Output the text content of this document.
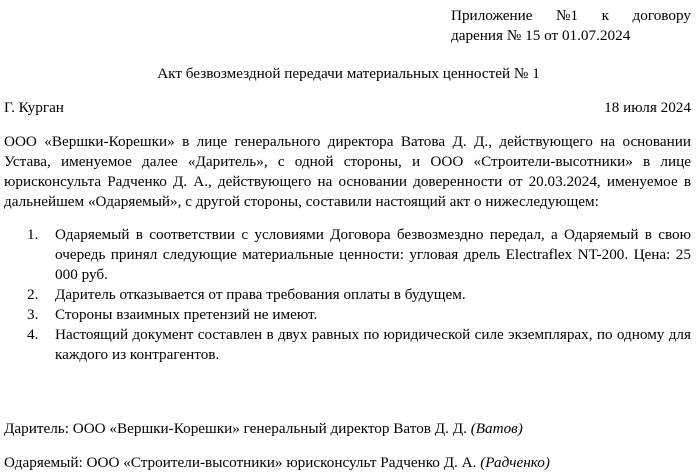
Приложение №1 к договору
дарения № 15 от 01.07.2024
Акт безвозмездной передачи материальных ценностей № 1
Г. Курган	18 июля 2024
ООО «Вершки-Корешки» в лице генерального директора Ватова Д. Д., действующего на основании Устава, именуемое далее «Даритель», с одной стороны, и ООО «Строители-высотники» в лице юрисконсульта Радченко Д. А., действующего на основании доверенности от 20.03.2024, именуемое в дальнейшем «Одаряемый», с другой стороны, составили настоящий акт о нижеследующем:
1. Одаряемый в соответствии с условиями Договора безвозмездно передал, а Одаряемый в свою очередь принял следующие материальные ценности: угловая дрель Electraflex NT-200. Цена: 25 000 руб.
2. Даритель отказывается от права требования оплаты в будущем.
3. Стороны взаимных претензий не имеют.
4. Настоящий документ составлен в двух равных по юридической силе экземплярах, по одному для каждого из контрагентов.
Даритель: ООО «Вершки-Корешки» генеральный директор Ватов Д. Д. (Ватов)
Одаряемый: ООО «Строители-высотники» юрисконсульт Радченко Д. А. (Радченко)
